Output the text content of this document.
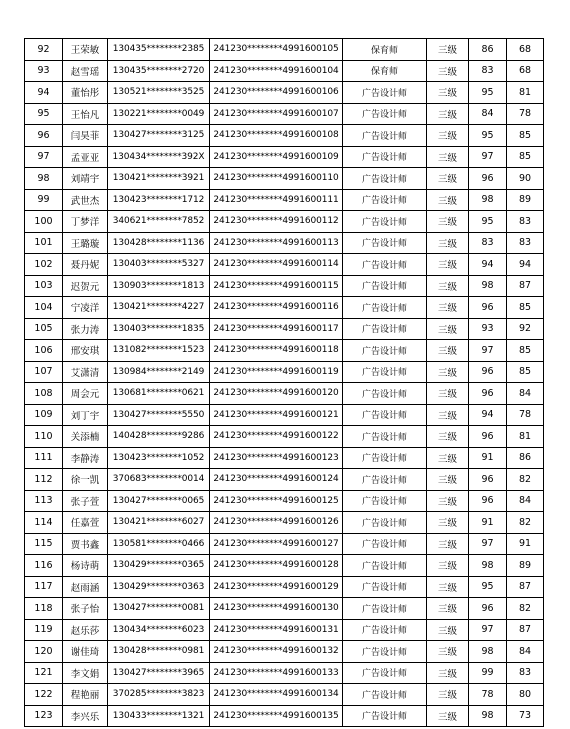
92	王荣敏	130435********2385	241230********4991600105	保育师	三级	86	68
93	赵雪瑶	130435********2720	241230********4991600104	保育师	三级	83	68
94	董怡彤	130521********3525	241230********4991600106	广告设计师	三级	95	81
95	王怡凡	130221********0049	241230********4991600107	广告设计师	三级	84	78
96	闫昊菲	130427********3125	241230********4991600108	广告设计师	三级	95	85
97	孟亚亚	130434********392X	241230********4991600109	广告设计师	三级	97	85
98	刘靖宇	130421********3921	241230********4991600110	广告设计师	三级	96	90
99	武世杰	130423********1712	241230********4991600111	广告设计师	三级	98	89
100	丁梦洋	340621********7852	241230********4991600112	广告设计师	三级	95	83
101	王璐璇	130428********1136	241230********4991600113	广告设计师	三级	83	83
102	聂丹妮	130403********5327	241230********4991600114	广告设计师	三级	94	94
103	迟贺元	130903********1813	241230********4991600115	广告设计师	三级	98	87
104	宁凌洋	130421********4227	241230********4991600116	广告设计师	三级	96	85
105	张力涛	130403********1835	241230********4991600117	广告设计师	三级	93	92
106	邢安琪	131082********1523	241230********4991600118	广告设计师	三级	97	85
107	艾潇清	130984********2149	241230********4991600119	广告设计师	三级	96	85
108	周会元	130681********0621	241230********4991600120	广告设计师	三级	96	84
109	刘丁宇	130427********5550	241230********4991600121	广告设计师	三级	94	78
110	关添楠	140428********9286	241230********4991600122	广告设计师	三级	96	81
111	李静涛	130423********1052	241230********4991600123	广告设计师	三级	91	86
112	徐一凯	370683********0014	241230********4991600124	广告设计师	三级	96	82
113	张子萱	130427********0065	241230********4991600125	广告设计师	三级	96	84
114	任嘉萱	130421********6027	241230********4991600126	广告设计师	三级	91	82
115	贾书鑫	130581********0466	241230********4991600127	广告设计师	三级	97	91
116	杨诗萌	130429********0365	241230********4991600128	广告设计师	三级	98	89
117	赵雨涵	130429********0363	241230********4991600129	广告设计师	三级	95	87
118	张子怡	130427********0081	241230********4991600130	广告设计师	三级	96	82
119	赵乐莎	130434********6023	241230********4991600131	广告设计师	三级	97	87
120	谢佳琦	130428********0981	241230********4991600132	广告设计师	三级	98	84
121	李文娟	130427********3965	241230********4991600133	广告设计师	三级	99	83
122	程艳丽	370285********3823	241230********4991600134	广告设计师	三级	78	80
123	李兴乐	130433********1321	241230********4991600135	广告设计师	三级	98	73
